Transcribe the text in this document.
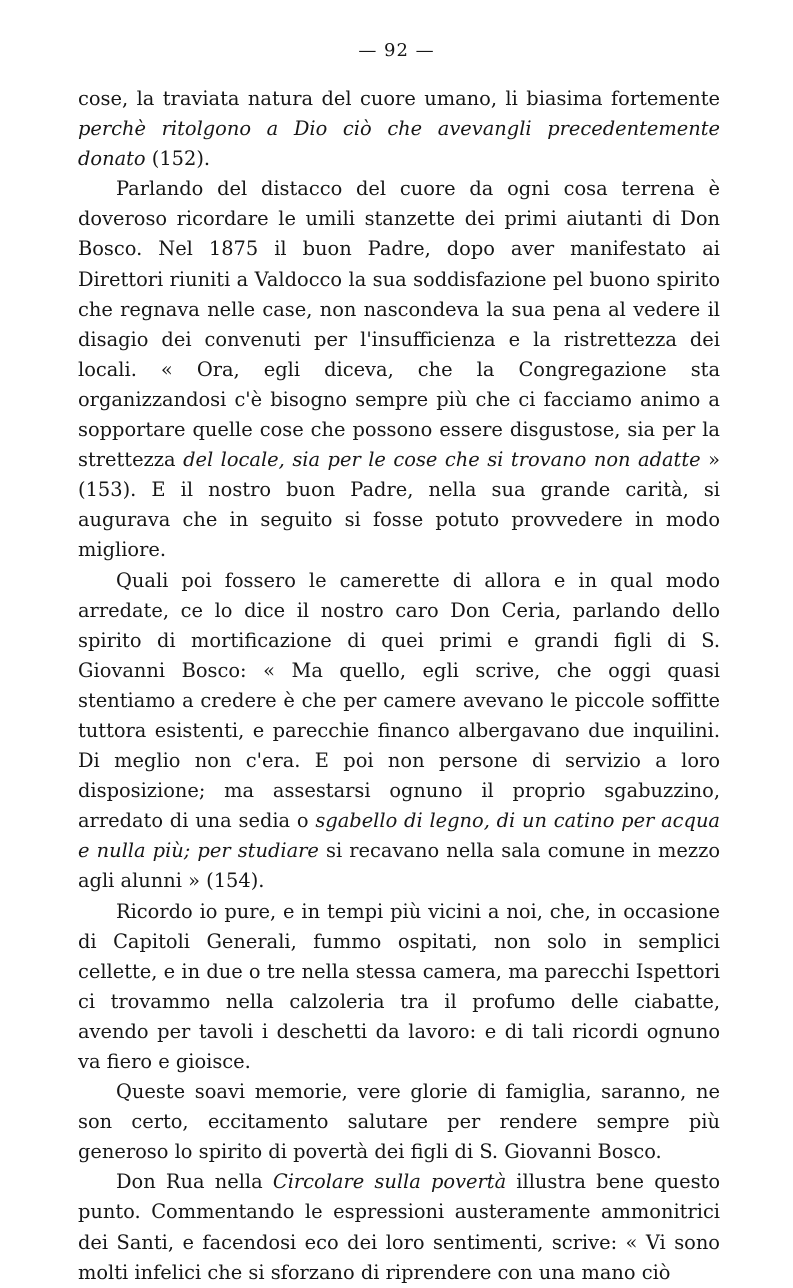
— 92 —

cose, la traviata natura del cuore umano, li biasima fortemente perchè ritolgono a Dio ciò che avevangli precedentemente donato (152).

Parlando del distacco del cuore da ogni cosa terrena è doveroso ricordare le umili stanzette dei primi aiutanti di Don Bosco. Nel 1875 il buon Padre, dopo aver manifestato ai Direttori riuniti a Valdocco la sua soddisfazione pel buono spirito che regnava nelle case, non nascondeva la sua pena al vedere il disagio dei convenuti per l'insufficienza e la ristrettezza dei locali. « Ora, egli diceva, che la Congregazione sta organizzandosi c'è bisogno sempre più che ci facciamo animo a sopportare quelle cose che possono essere disgustose, sia per la strettezza del locale, sia per le cose che si trovano non adatte » (153). E il nostro buon Padre, nella sua grande carità, si augurava che in seguito si fosse potuto provvedere in modo migliore.

Quali poi fossero le camerette di allora e in qual modo arredate, ce lo dice il nostro caro Don Ceria, parlando dello spirito di mortificazione di quei primi e grandi figli di S. Giovanni Bosco: « Ma quello, egli scrive, che oggi quasi stentiamo a credere è che per camere avevano le piccole soffitte tuttora esistenti, e parecchie financo albergavano due inquilini. Di meglio non c'era. E poi non persone di servizio a loro disposizione; ma assestarsi ognuno il proprio sgabuzzino, arredato di una sedia o sgabello di legno, di un catino per acqua e nulla più; per studiare si recavano nella sala comune in mezzo agli alunni » (154).

Ricordo io pure, e in tempi più vicini a noi, che, in occasione di Capitoli Generali, fummo ospitati, non solo in semplici cellette, e in due o tre nella stessa camera, ma parecchi Ispettori ci trovammo nella calzoleria tra il profumo delle ciabatte, avendo per tavoli i deschetti da lavoro: e di tali ricordi ognuno va fiero e gioisce.

Queste soavi memorie, vere glorie di famiglia, saranno, ne son certo, eccitamento salutare per rendere sempre più generoso lo spirito di povertà dei figli di S. Giovanni Bosco.

Don Rua nella Circolare sulla povertà illustra bene questo punto. Commentando le espressioni austeramente ammonitrici dei Santi, e facendosi eco dei loro sentimenti, scrive: « Vi sono molti infelici che si sforzano di riprendere con una mano ciò
